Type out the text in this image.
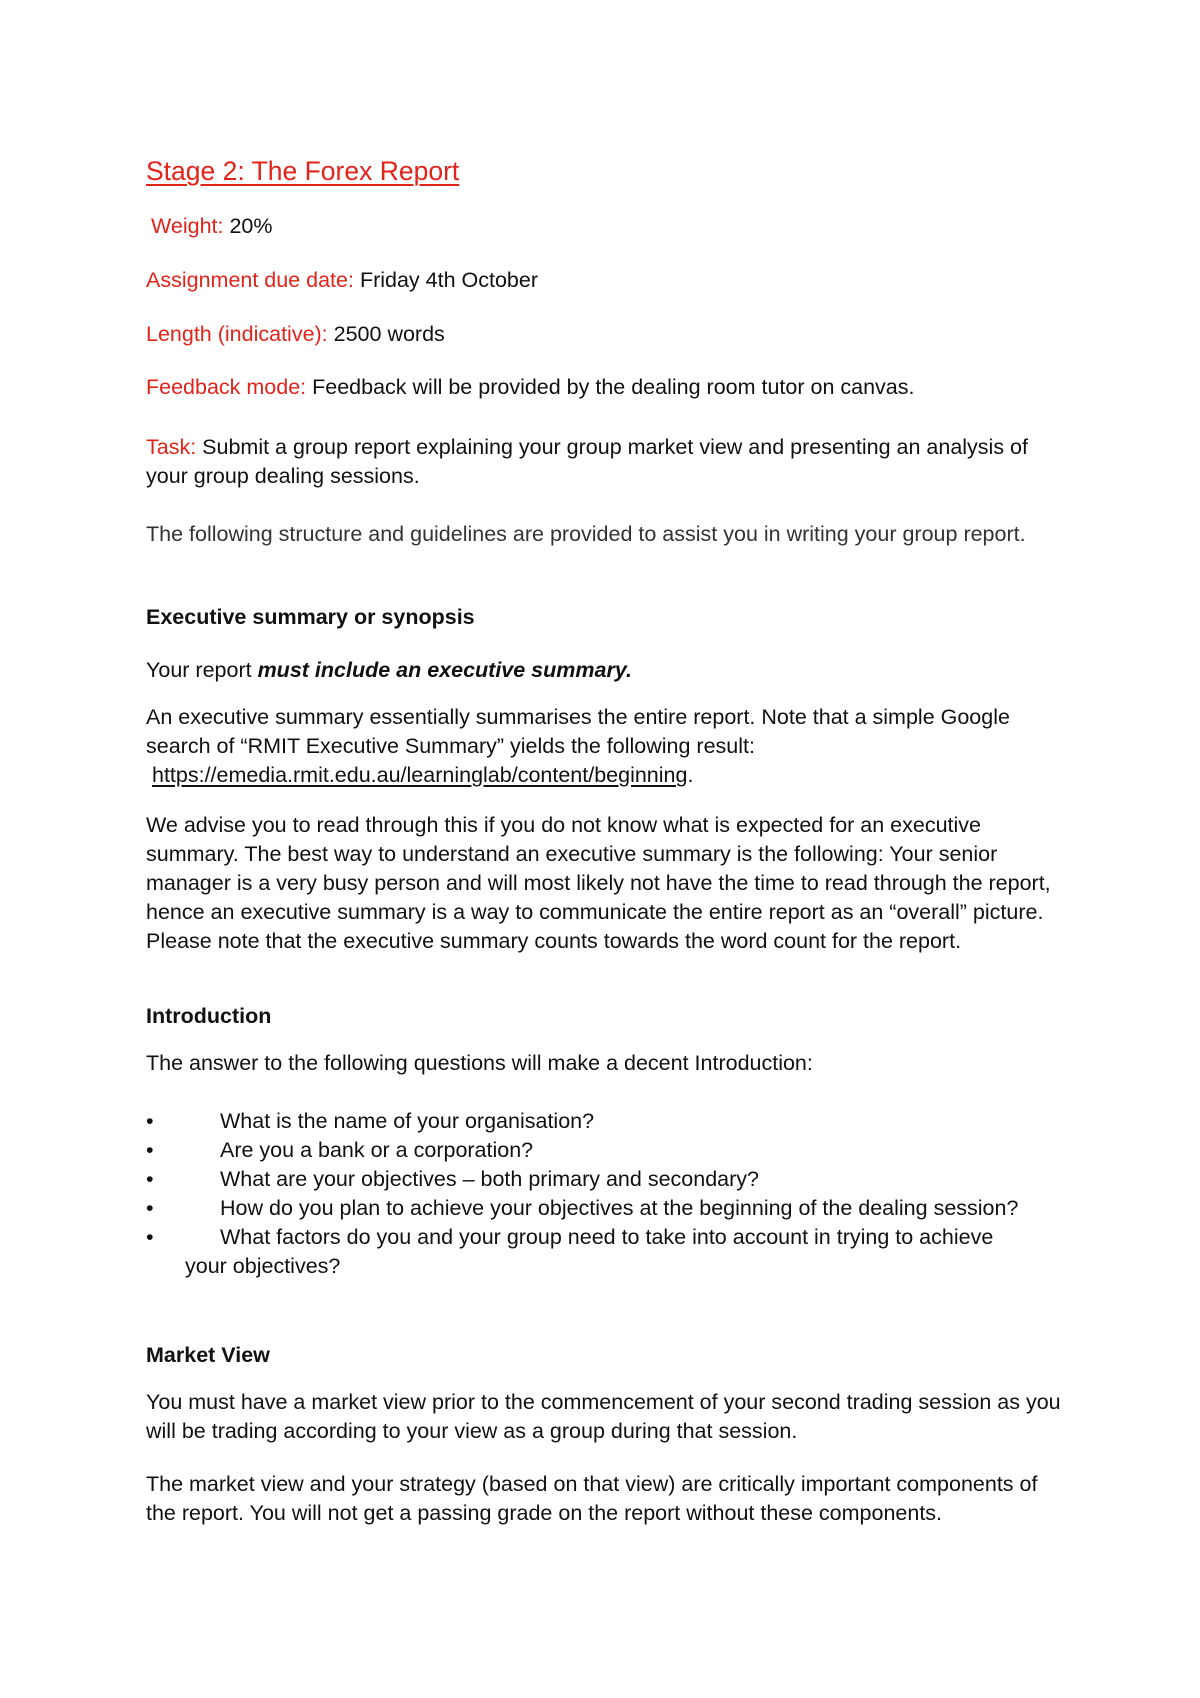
Stage 2: The Forex Report

Weight: 20%

Assignment due date: Friday 4th October

Length (indicative): 2500 words

Feedback mode: Feedback will be provided by the dealing room tutor on canvas.

Task: Submit a group report explaining your group market view and presenting an analysis of your group dealing sessions.

The following structure and guidelines are provided to assist you in writing your group report.

Executive summary or synopsis

Your report must include an executive summary.

An executive summary essentially summarises the entire report. Note that a simple Google search of “RMIT Executive Summary” yields the following result:
https://emedia.rmit.edu.au/learninglab/content/beginning.

We advise you to read through this if you do not know what is expected for an executive summary. The best way to understand an executive summary is the following: Your senior manager is a very busy person and will most likely not have the time to read through the report, hence an executive summary is a way to communicate the entire report as an “overall” picture. Please note that the executive summary counts towards the word count for the report.

Introduction

The answer to the following questions will make a decent Introduction:

•	What is the name of your organisation?
•	Are you a bank or a corporation?
•	What are your objectives – both primary and secondary?
•	How do you plan to achieve your objectives at the beginning of the dealing session?
•	What factors do you and your group need to take into account in trying to achieve your objectives?

Market View

You must have a market view prior to the commencement of your second trading session as you will be trading according to your view as a group during that session.

The market view and your strategy (based on that view) are critically important components of the report. You will not get a passing grade on the report without these components.
